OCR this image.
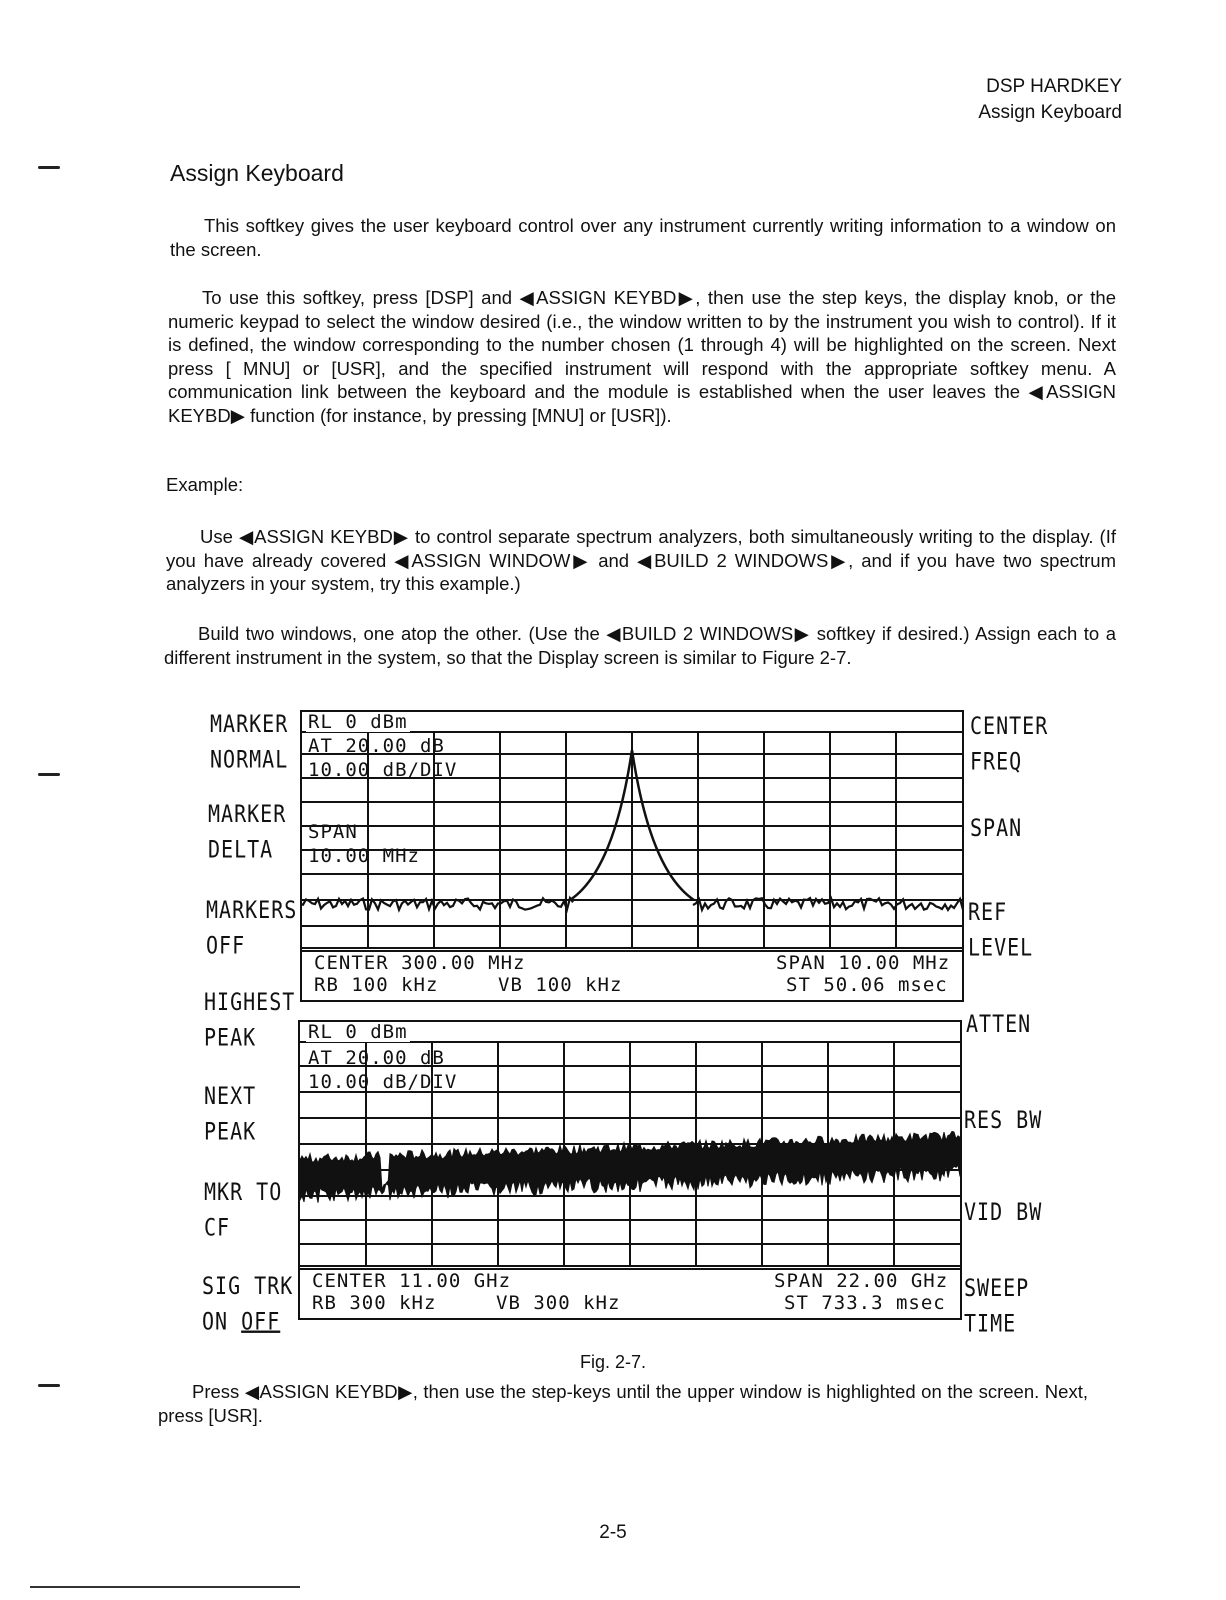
DSP HARDKEY
Assign Keyboard
Assign Keyboard

This softkey gives the user keyboard control over any instrument currently writing information to a window on the screen.

To use this softkey, press [DSP] and ◀ASSIGN KEYBD▶, then use the step keys, the display knob, or the numeric keypad to select the window desired (i.e., the window written to by the instrument you wish to control). If it is defined, the window corresponding to the number chosen (1 through 4) will be highlighted on the screen. Next press [ MNU] or [USR], and the specified instrument will respond with the appropriate softkey menu. A communication link between the keyboard and the module is established when the user leaves the ◀ASSIGN KEYBD▶ function (for instance, by pressing [MNU] or [USR]).

Example:

Use ◀ASSIGN KEYBD▶ to control separate spectrum analyzers, both simultaneously writing to the display. (If you have already covered ◀ASSIGN WINDOW▶ and ◀BUILD 2 WINDOWS▶, and if you have two spectrum analyzers in your system, try this example.)

Build two windows, one atop the other. (Use the ◀BUILD 2 WINDOWS▶ softkey if desired.) Assign each to a different instrument in the system, so that the Display screen is similar to Figure 2-7.

MARKER
NORMAL
MARKER
DELTA
MARKERS
OFF
HIGHEST
PEAK
NEXT
PEAK
MKR TO
CF
SIG TRK
ON OFF
CENTER
FREQ
SPAN
REF
LEVEL
ATTEN
RES BW
VID BW
SWEEP
TIME
RL 0 dBm
AT 20.00 dB
10.00 dB/DIV
SPAN
10.00 MHz
CENTER 300.00 MHz	SPAN 10.00 MHz
RB 100 kHz	VB 100 kHz	ST 50.06 msec
RL 0 dBm
AT 20.00 dB
10.00 dB/DIV
CENTER 11.00 GHz	SPAN 22.00 GHz
RB 300 kHz	VB 300 kHz	ST 733.3 msec
Fig. 2-7.

Press ◀ASSIGN KEYBD▶, then use the step-keys until the upper window is highlighted on the screen. Next, press [USR].

2-5
